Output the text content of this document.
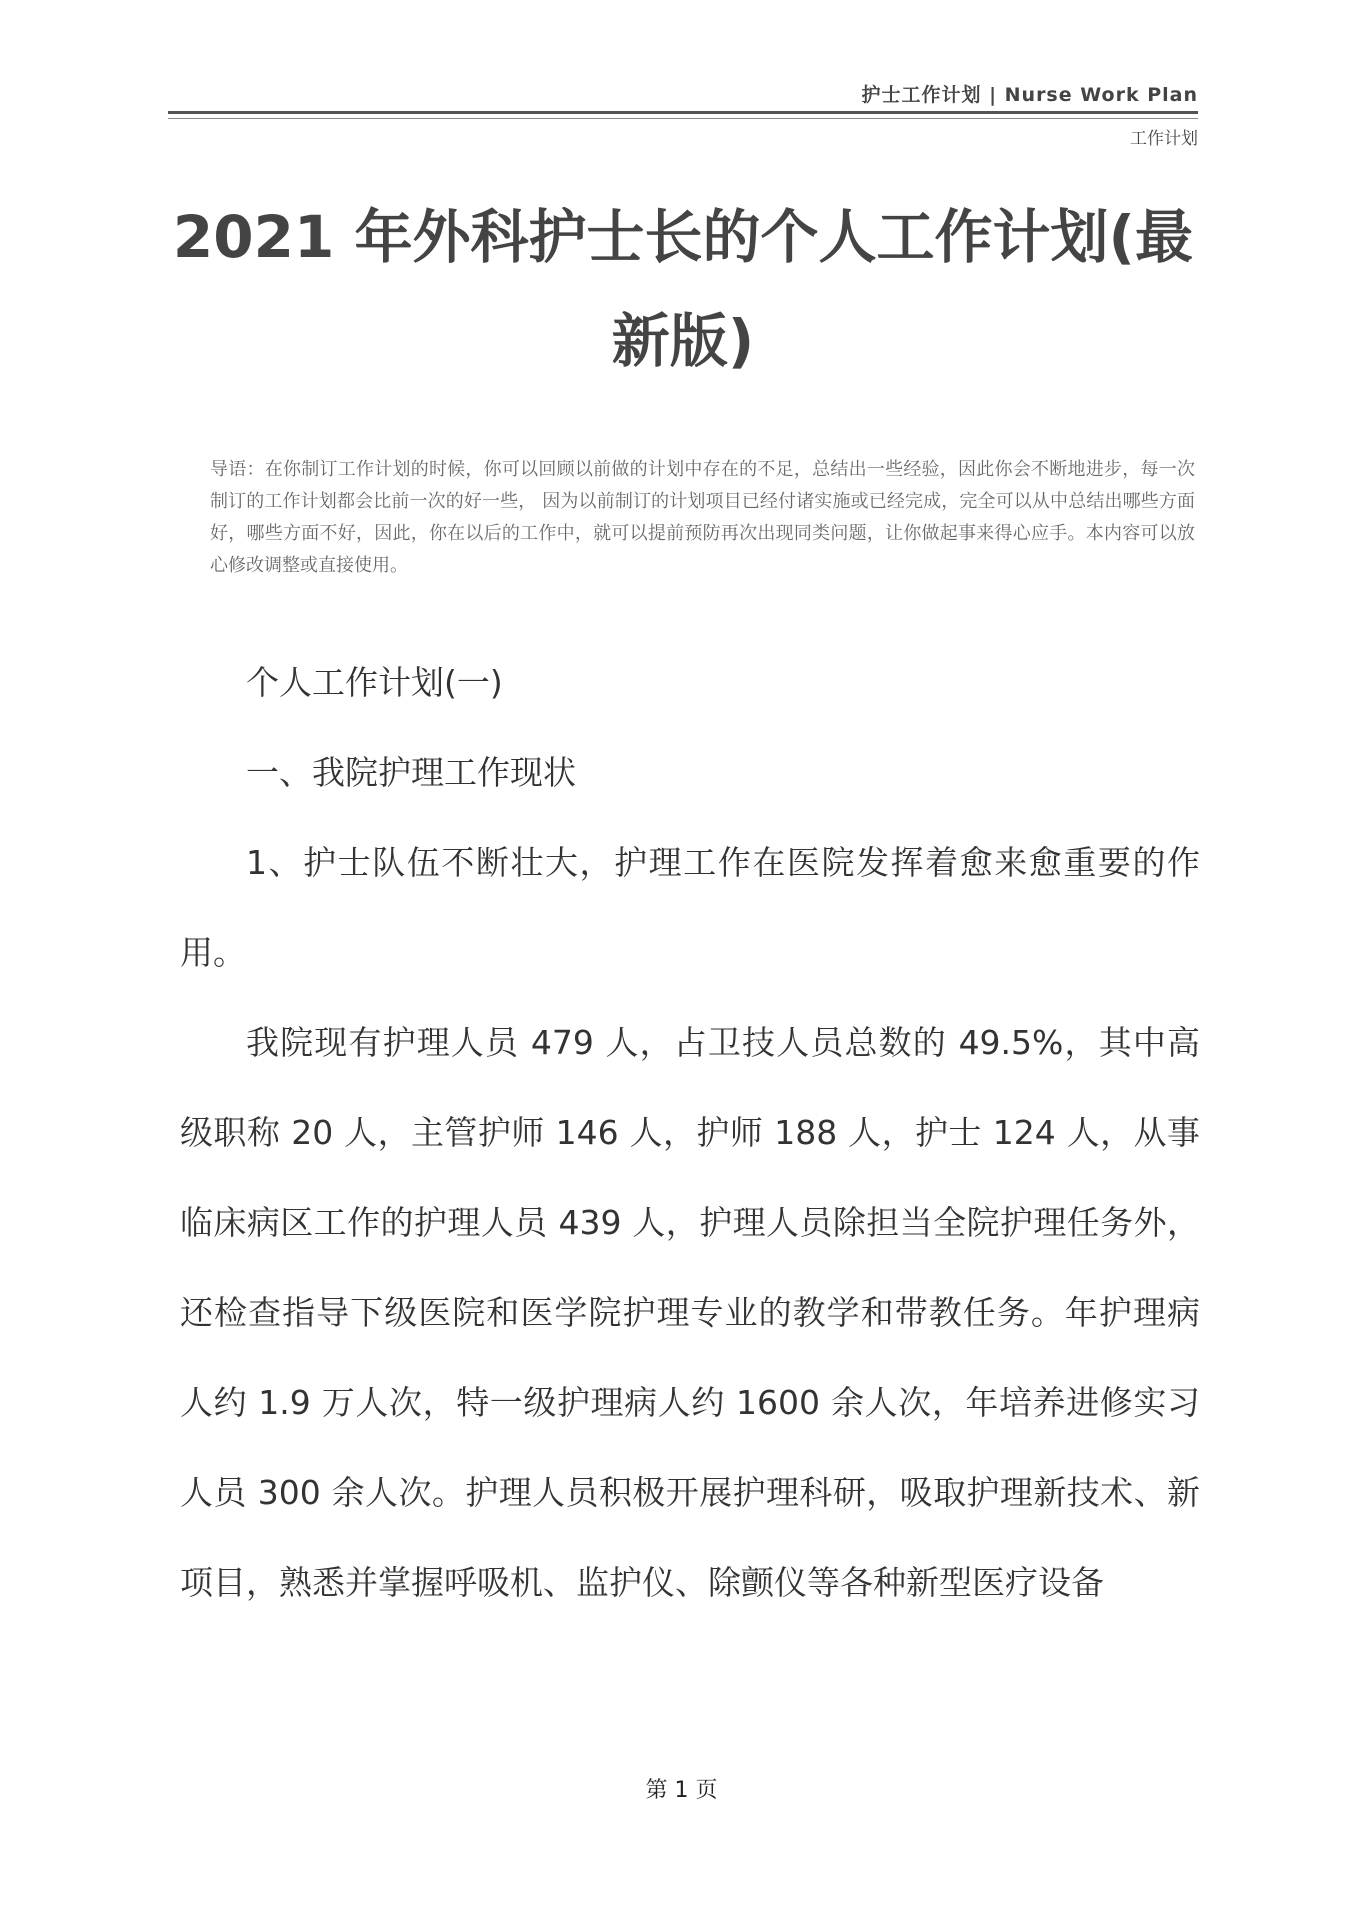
护士工作计划 | Nurse Work Plan
工作计划
2021 年外科护士长的个人工作计划(最
新版)
导语：在你制订工作计划的时候，你可以回顾以前做的计划中存在的不足，总结出一些经验，因此你会不断地进步，每一次制订的工作计划都会比前一次的好一些， 因为以前制订的计划项目已经付诸实施或已经完成，完全可以从中总结出哪些方面好，哪些方面不好，因此，你在以后的工作中，就可以提前预防再次出现同类问题，让你做起事来得心应手。本内容可以放心修改调整或直接使用。

个人工作计划(一)

一、我院护理工作现状

1、护士队伍不断壮大，护理工作在医院发挥着愈来愈重要的作用。

我院现有护理人员 479 人，占卫技人员总数的 49.5%，其中高级职称 20 人，主管护师 146 人，护师 188 人，护士 124 人，从事临床病区工作的护理人员 439 人，护理人员除担当全院护理任务外，还检查指导下级医院和医学院护理专业的教学和带教任务。年护理病人约 1.9 万人次，特一级护理病人约 1600 余人次，年培养进修实习人员 300 余人次。护理人员积极开展护理科研，吸取护理新技术、新项目，熟悉并掌握呼吸机、监护仪、除颤仪等各种新型医疗设备

第 1 页
